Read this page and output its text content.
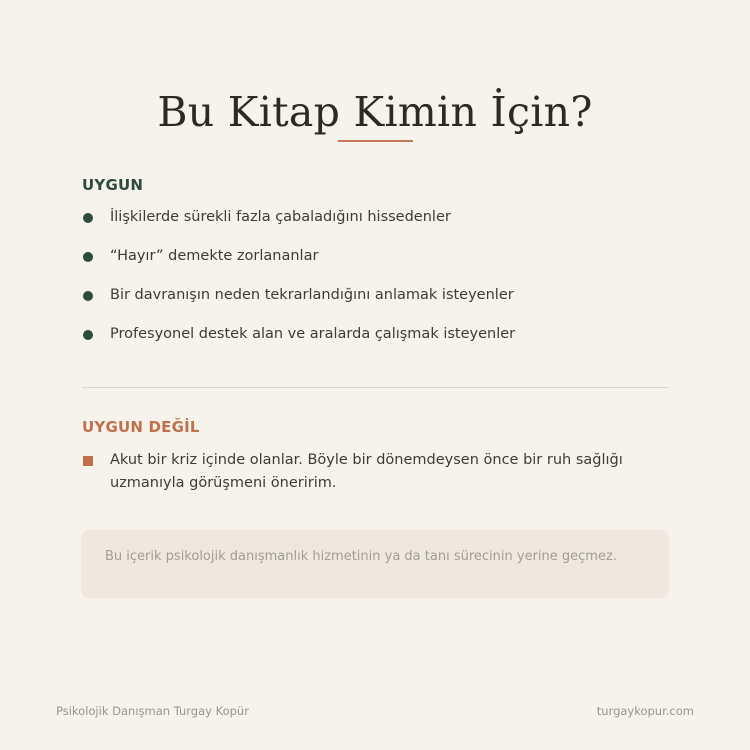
Bu Kitap Kimin İçin?
UYGUN
İlişkilerde sürekli fazla çabaladığını hissedenler
“Hayır” demekte zorlananlar
Bir davranışın neden tekrarlandığını anlamak isteyenler
Profesyonel destek alan ve aralarda çalışmak isteyenler
UYGUN DEĞİL
Akut bir kriz içinde olanlar. Böyle bir dönemdeysen önce bir ruh sağlığı uzmanıyla görüşmeni öneririm.

Bu içerik psikolojik danışmanlık hizmetinin ya da tanı sürecinin yerine geçmez.

Psikolojik Danışman Turgay Kopür	turgaykopur.com
